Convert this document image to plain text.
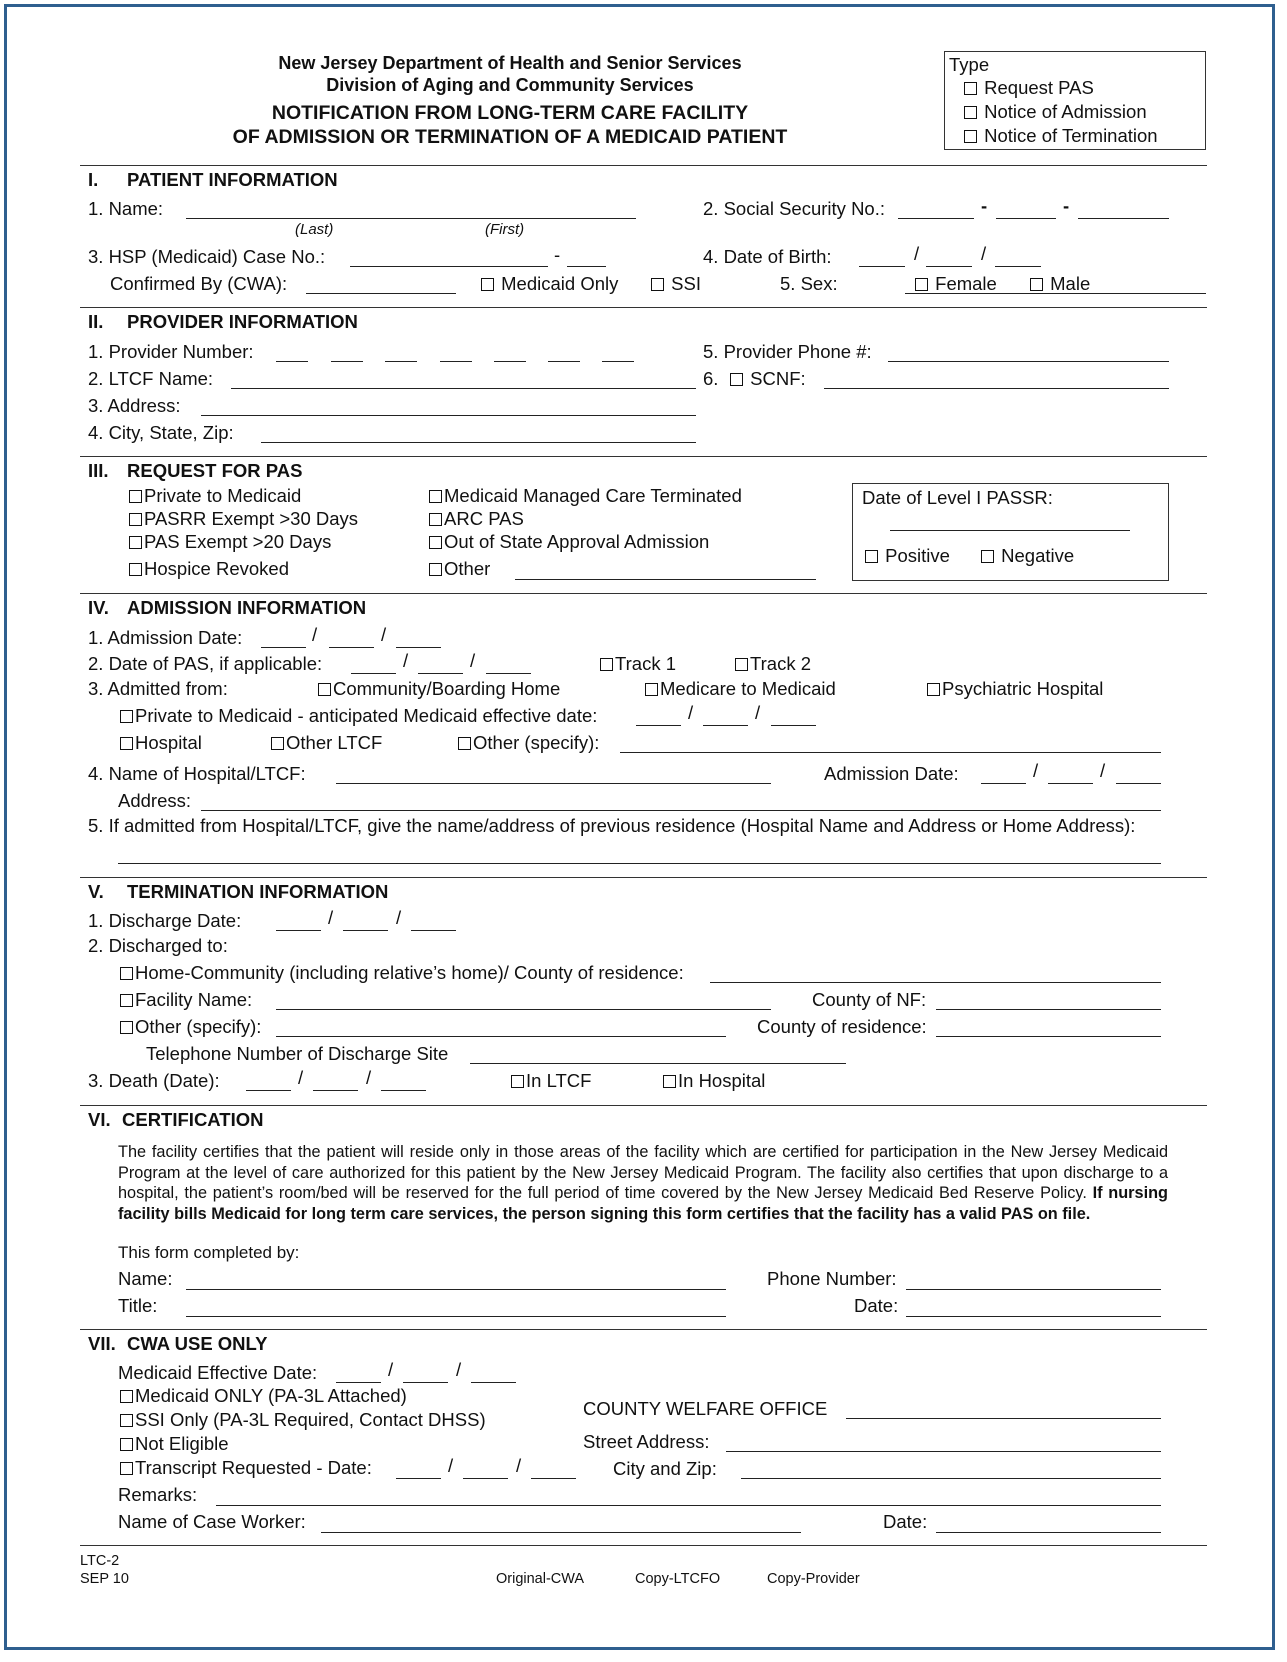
New Jersey Department of Health and Senior Services
Division of Aging and Community Services
NOTIFICATION FROM LONG-TERM CARE FACILITY
OF ADMISSION OR TERMINATION OF A MEDICAID PATIENT
Type
Request PAS
Notice of Admission
Notice of Termination
I. PATIENT INFORMATION
1. Name:
(Last)	(First)
2. Social Security No.:	-	-
3. HSP (Medicaid) Case No.:	-	4. Date of Birth:	/	/
Confirmed By (CWA):	Medicaid Only	SSI	5. Sex:	Female	Male
II. PROVIDER INFORMATION
1. Provider Number:	5. Provider Phone #:
2. LTCF Name:	6.	SCNF:
3. Address:
4. City, State, Zip:
III. REQUEST FOR PAS
Private to Medicaid
PASRR Exempt >30 Days
PAS Exempt >20 Days
Hospice Revoked
Medicaid Managed Care Terminated
ARC PAS
Out of State Approval Admission
Other
Date of Level I PASSR:
Positive	Negative
IV. ADMISSION INFORMATION
1. Admission Date:	/	/
2. Date of PAS, if applicable:	/	/	Track 1	Track 2
3. Admitted from:	Community/Boarding Home	Medicare to Medicaid	Psychiatric Hospital
Private to Medicaid - anticipated Medicaid effective date:	/	/
Hospital	Other LTCF	Other (specify):
4. Name of Hospital/LTCF:	Admission Date:	/	/
Address:
5. If admitted from Hospital/LTCF, give the name/address of previous residence (Hospital Name and Address or Home Address):
V. TERMINATION INFORMATION
1. Discharge Date:	/	/
2. Discharged to:
Home-Community (including relative’s home)/ County of residence:
Facility Name:	County of NF:
Other (specify):	County of residence:
Telephone Number of Discharge Site
3. Death (Date):	/	/	In LTCF	In Hospital
VI. CERTIFICATION
The facility certifies that the patient will reside only in those areas of the facility which are certified for participation in the New Jersey Medicaid Program at the level of care authorized for this patient by the New Jersey Medicaid Program. The facility also certifies that upon discharge to a hospital, the patient’s room/bed will be reserved for the full period of time covered by the New Jersey Medicaid Bed Reserve Policy. If nursing facility bills Medicaid for long term care services, the person signing this form certifies that the facility has a valid PAS on file.
This form completed by:
Name:	Phone Number:
Title:	Date:
VII. CWA USE ONLY
Medicaid Effective Date:	/	/
Medicaid ONLY (PA-3L Attached)
SSI Only (PA-3L Required, Contact DHSS)
Not Eligible
Transcript Requested - Date:	/	/
COUNTY WELFARE OFFICE
Street Address:
City and Zip:
Remarks:
Name of Case Worker:	Date:
LTC-2
SEP 10	Original-CWA	Copy-LTCFO	Copy-Provider
